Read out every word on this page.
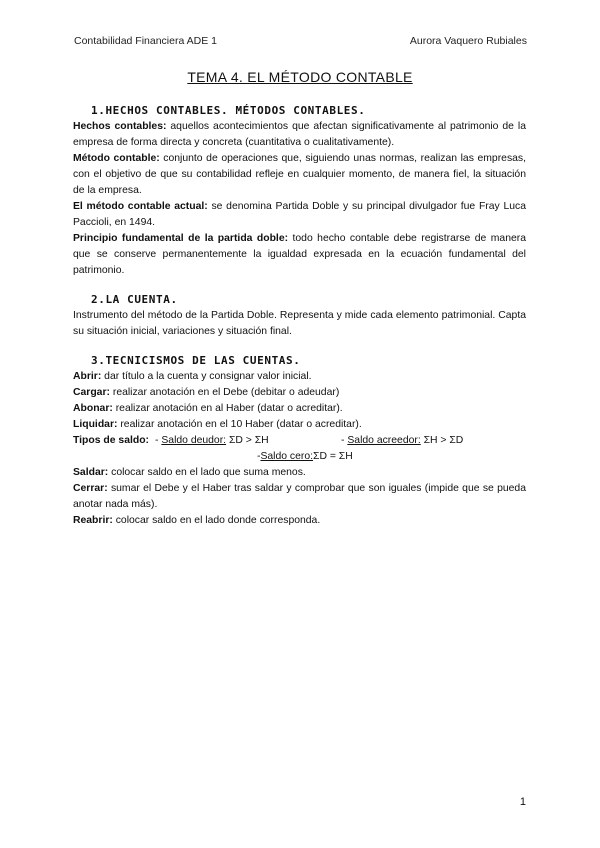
Contabilidad Financiera ADE 1	Aurora Vaquero Rubiales
TEMA 4. EL MÉTODO CONTABLE
1.HECHOS CONTABLES. MÉTODOS CONTABLES.

Hechos contables: aquellos acontecimientos que afectan significativamente al patrimonio de la empresa de forma directa y concreta (cuantitativa o cualitativamente).

Método contable: conjunto de operaciones que, siguiendo unas normas, realizan las empresas, con el objetivo de que su contabilidad refleje en cualquier momento, de manera fiel, la situación de la empresa.

El método contable actual: se denomina Partida Doble y su principal divulgador fue Fray Luca Paccioli, en 1494.

Principio fundamental de la partida doble: todo hecho contable debe registrarse de manera que se conserve permanentemente la igualdad expresada en la ecuación fundamental del patrimonio.

2.LA CUENTA.

Instrumento del método de la Partida Doble. Representa y mide cada elemento patrimonial. Capta su situación inicial, variaciones y situación final.

3.TECNICISMOS DE LAS CUENTAS.

Abrir: dar título a la cuenta y consignar valor inicial.

Cargar: realizar anotación en el Debe (debitar o adeudar)

Abonar: realizar anotación en al Haber (datar o acreditar).

Liquidar: realizar anotación en el 10 Haber (datar o acreditar).

Tipos de saldo: - Saldo deudor: ΣD > ΣH	- Saldo acreedor: ΣH > ΣD
- Saldo cero: ΣD = ΣH

Saldar: colocar saldo en el lado que suma menos.

Cerrar: sumar el Debe y el Haber tras saldar y comprobar que son iguales (impide que se pueda anotar nada más).

Reabrir: colocar saldo en el lado donde corresponda.

1
